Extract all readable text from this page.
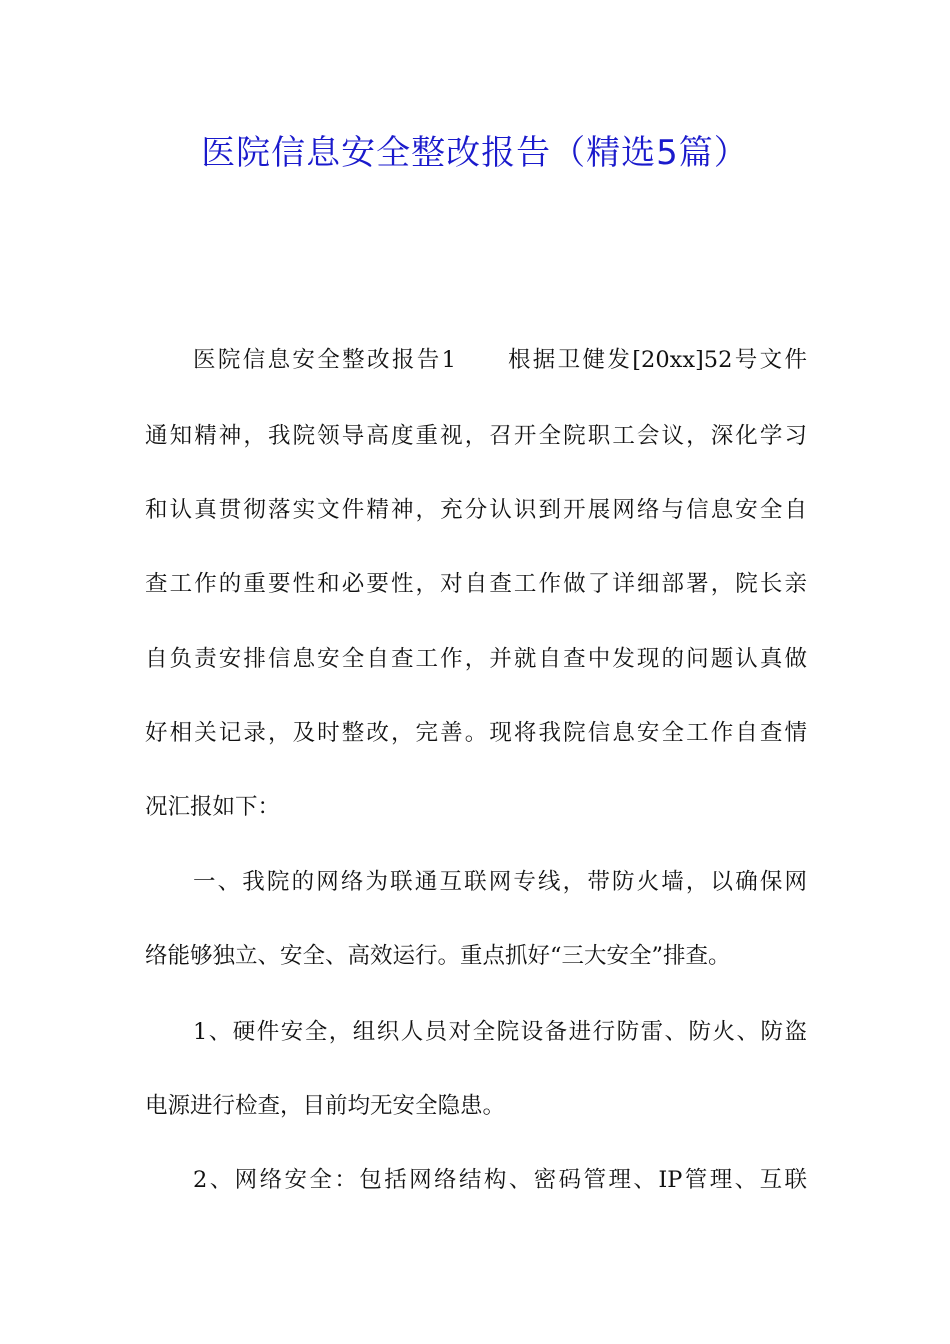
医院信息安全整改报告（精选5篇）
医院信息安全整改报告1　　根据卫健发[20xx]52号文件
通知精神，我院领导高度重视，召开全院职工会议，深化学习
和认真贯彻落实文件精神，充分认识到开展网络与信息安全自
查工作的重要性和必要性，对自查工作做了详细部署，院长亲
自负责安排信息安全自查工作，并就自查中发现的问题认真做
好相关记录，及时整改，完善。现将我院信息安全工作自查情
况汇报如下：
一、我院的网络为联通互联网专线，带防火墙，以确保网
络能够独立、安全、高效运行。重点抓好“三大安全”排查。
1、硬件安全，组织人员对全院设备进行防雷、防火、防盗
电源进行检查，目前均无安全隐患。
2、网络安全：包括网络结构、密码管理、IP管理、互联
